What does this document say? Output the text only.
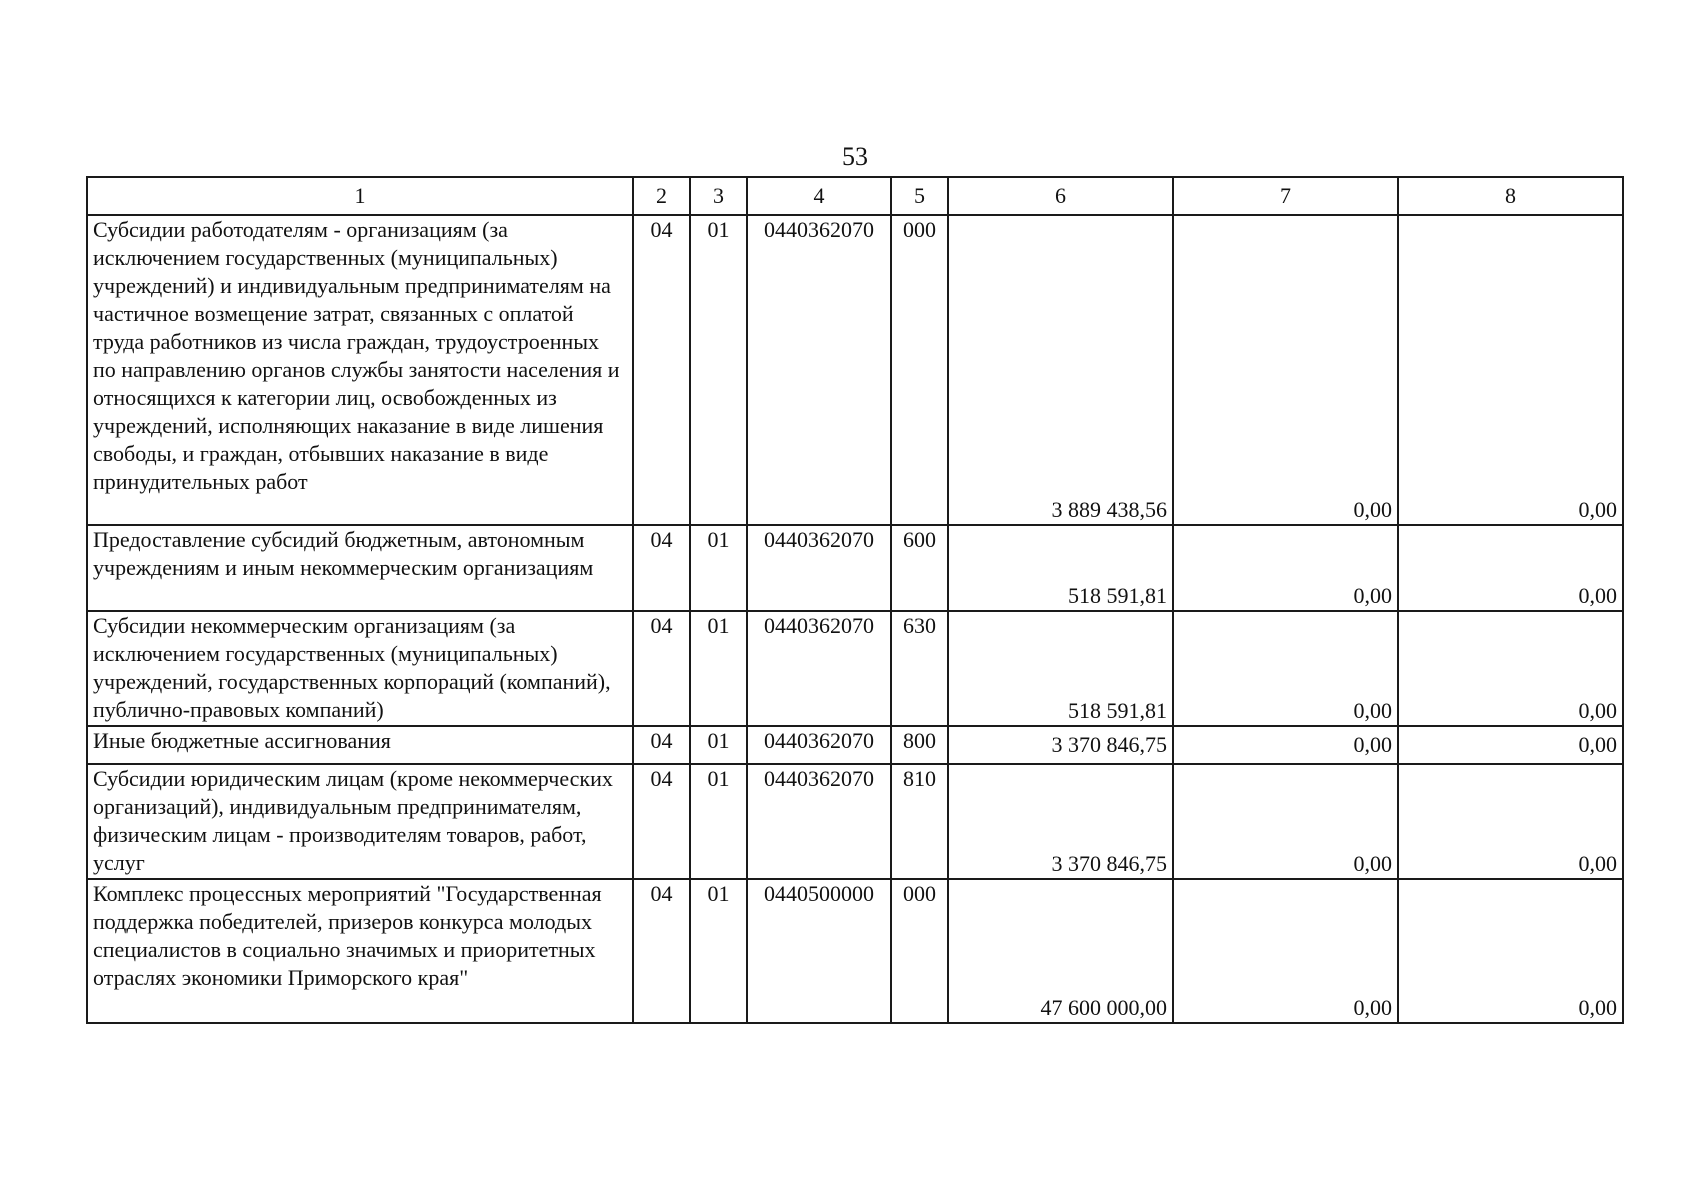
53
1	2	3	4	5	6	7	8
Субсидии работодателям - организациям (за исключением государственных (муниципальных) учреждений) и индивидуальным предпринимателям на частичное возмещение затрат, связанных с оплатой труда работников из числа граждан, трудоустроенных по направлению органов службы занятости населения и относящихся к категории лиц, освобожденных из учреждений, исполняющих наказание в виде лишения свободы, и граждан, отбывших наказание в виде принудительных работ	04	01	0440362070	000	3 889 438,56	0,00	0,00
Предоставление субсидий бюджетным, автономным учреждениям и иным некоммерческим организациям	04	01	0440362070	600	518 591,81	0,00	0,00
Субсидии некоммерческим организациям (за исключением государственных (муниципальных) учреждений, государственных корпораций (компаний), публично-правовых компаний)	04	01	0440362070	630	518 591,81	0,00	0,00
Иные бюджетные ассигнования	04	01	0440362070	800	3 370 846,75	0,00	0,00
Субсидии юридическим лицам (кроме некоммерческих организаций), индивидуальным предпринимателям, физическим лицам - производителям товаров, работ, услуг	04	01	0440362070	810	3 370 846,75	0,00	0,00
Комплекс процессных мероприятий "Государственная поддержка победителей, призеров конкурса молодых специалистов в социально значимых и приоритетных отраслях экономики Приморского края"	04	01	0440500000	000	47 600 000,00	0,00	0,00
